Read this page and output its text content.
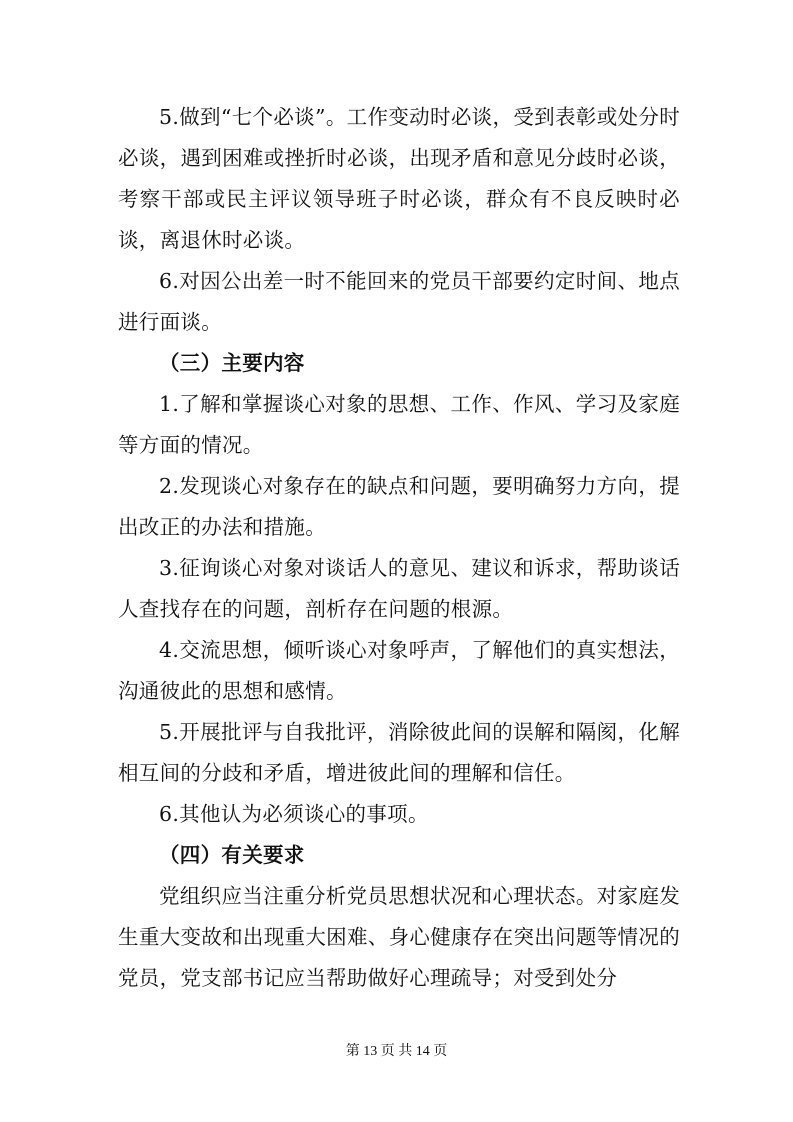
5.做到“七个必谈”。工作变动时必谈，受到表彰或处分时必谈，遇到困难或挫折时必谈，出现矛盾和意见分歧时必谈，考察干部或民主评议领导班子时必谈，群众有不良反映时必谈，离退休时必谈。

6.对因公出差一时不能回来的党员干部要约定时间、地点进行面谈。

（三）主要内容

1.了解和掌握谈心对象的思想、工作、作风、学习及家庭等方面的情况。

2.发现谈心对象存在的缺点和问题，要明确努力方向，提出改正的办法和措施。

3.征询谈心对象对谈话人的意见、建议和诉求，帮助谈话人查找存在的问题，剖析存在问题的根源。

4.交流思想，倾听谈心对象呼声，了解他们的真实想法，沟通彼此的思想和感情。

5.开展批评与自我批评，消除彼此间的误解和隔阂，化解相互间的分歧和矛盾，增进彼此间的理解和信任。

6.其他认为必须谈心的事项。

（四）有关要求

党组织应当注重分析党员思想状况和心理状态。对家庭发生重大变故和出现重大困难、身心健康存在突出问题等情况的党员，党支部书记应当帮助做好心理疏导；对受到处分

第 13 页 共 14 页
